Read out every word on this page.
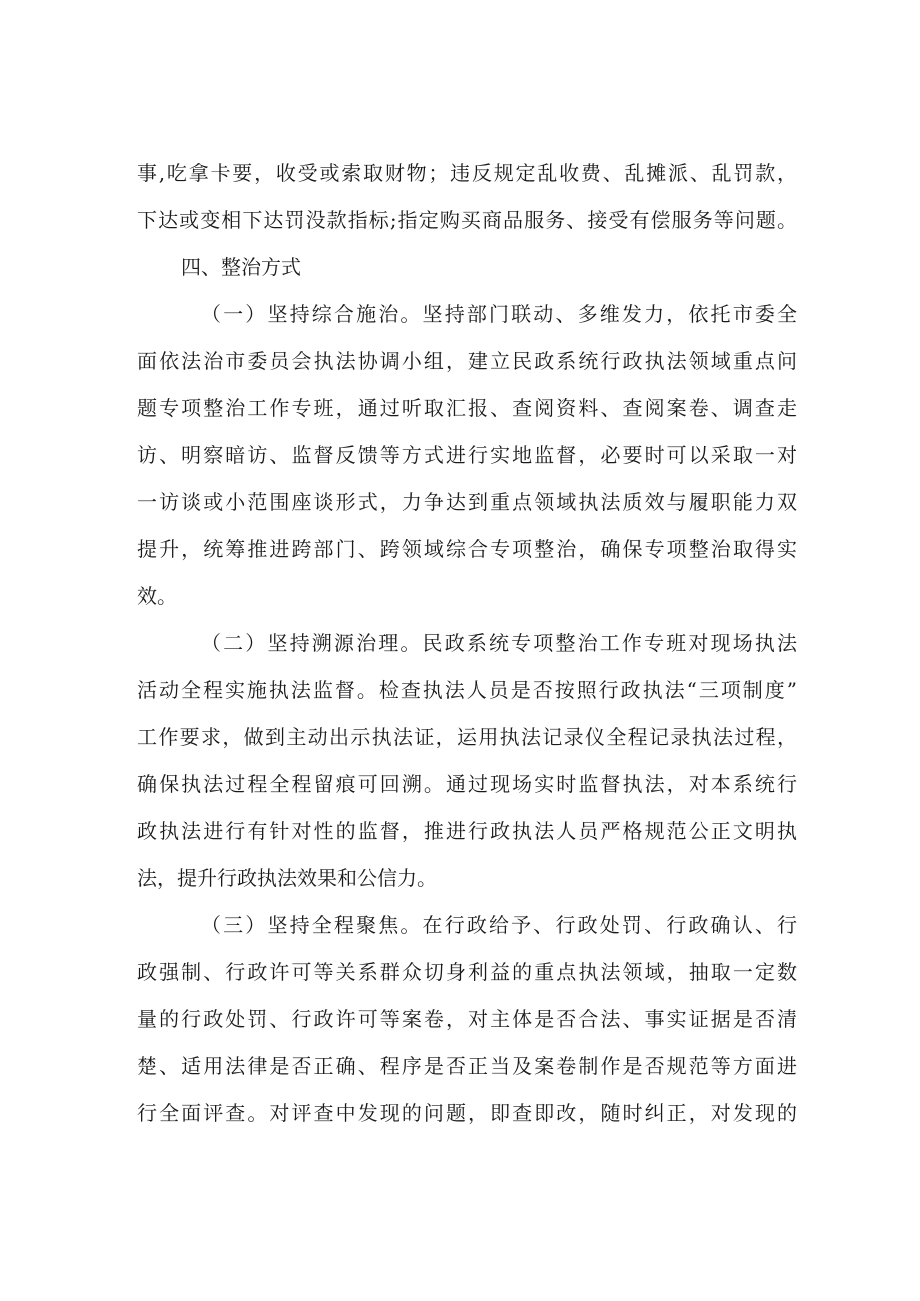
事,吃拿卡要，收受或索取财物；违反规定乱收费、乱摊派、乱罚款，
下达或变相下达罚没款指标;指定购买商品服务、接受有偿服务等问题。
四、整治方式
（一）坚持综合施治。坚持部门联动、多维发力，依托市委全
面依法治市委员会执法协调小组，建立民政系统行政执法领域重点问
题专项整治工作专班，通过听取汇报、查阅资料、查阅案卷、调查走
访、明察暗访、监督反馈等方式进行实地监督，必要时可以采取一对
一访谈或小范围座谈形式，力争达到重点领域执法质效与履职能力双
提升，统筹推进跨部门、跨领域综合专项整治，确保专项整治取得实
效。
（二）坚持溯源治理。民政系统专项整治工作专班对现场执法
活动全程实施执法监督。检查执法人员是否按照行政执法“三项制度”
工作要求，做到主动出示执法证，运用执法记录仪全程记录执法过程，
确保执法过程全程留痕可回溯。通过现场实时监督执法，对本系统行
政执法进行有针对性的监督，推进行政执法人员严格规范公正文明执
法，提升行政执法效果和公信力。
（三）坚持全程聚焦。在行政给予、行政处罚、行政确认、行
政强制、行政许可等关系群众切身利益的重点执法领域，抽取一定数
量的行政处罚、行政许可等案卷，对主体是否合法、事实证据是否清
楚、适用法律是否正确、程序是否正当及案卷制作是否规范等方面进
行全面评查。对评查中发现的问题，即查即改，随时纠正，对发现的
